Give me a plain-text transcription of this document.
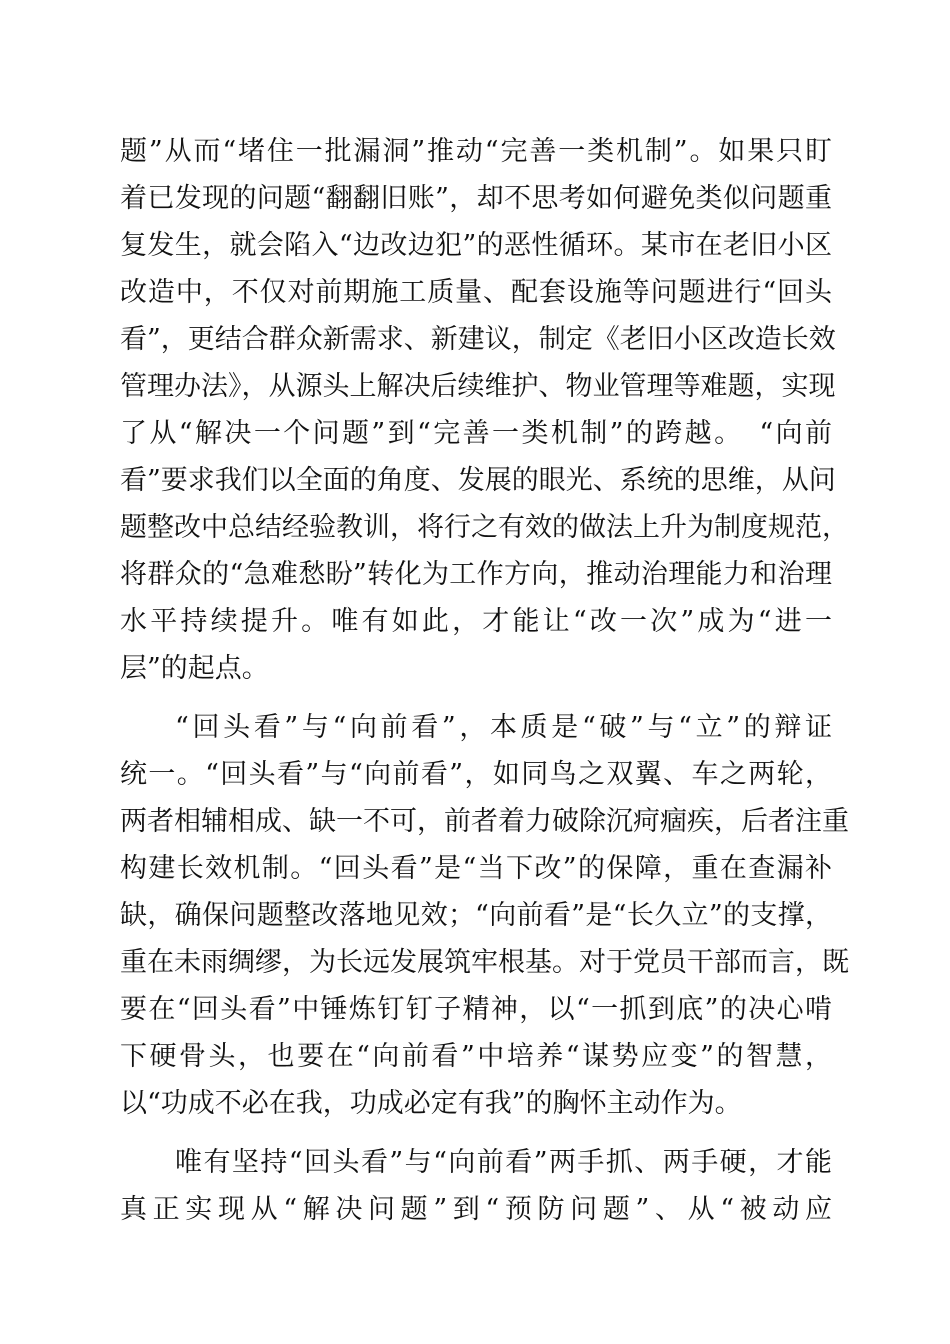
题”从而“堵住一批漏洞”推动“完善一类机制”。如果只盯
着已发现的问题“翻翻旧账”，却不思考如何避免类似问题重
复发生，就会陷入“边改边犯”的恶性循环。某市在老旧小区
改造中，不仅对前期施工质量、配套设施等问题进行“回头
看”，更结合群众新需求、新建议，制定《老旧小区改造长效
管理办法》，从源头上解决后续维护、物业管理等难题，实现
了从“解决一个问题”到“完善一类机制”的跨越。　“向前
看”要求我们以全面的角度、发展的眼光、系统的思维，从问
题整改中总结经验教训，将行之有效的做法上升为制度规范，
将群众的“急难愁盼”转化为工作方向，推动治理能力和治理
水平持续提升。唯有如此，才能让“改一次”成为“进一
层”的起点。
“回头看”与“向前看”，本质是“破”与“立”的辩证
统一。“回头看”与“向前看”，如同鸟之双翼、车之两轮，
两者相辅相成、缺一不可，前者着力破除沉疴痼疾，后者注重
构建长效机制。“回头看”是“当下改”的保障，重在查漏补
缺，确保问题整改落地见效；“向前看”是“长久立”的支撑，
重在未雨绸缪，为长远发展筑牢根基。对于党员干部而言，既
要在“回头看”中锤炼钉钉子精神，以“一抓到底”的决心啃
下硬骨头，也要在“向前看”中培养“谋势应变”的智慧，
以“功成不必在我，功成必定有我”的胸怀主动作为。
唯有坚持“回头看”与“向前看”两手抓、两手硬，才能
真正实现从“解决问题”到“预防问题”、从“被动应
